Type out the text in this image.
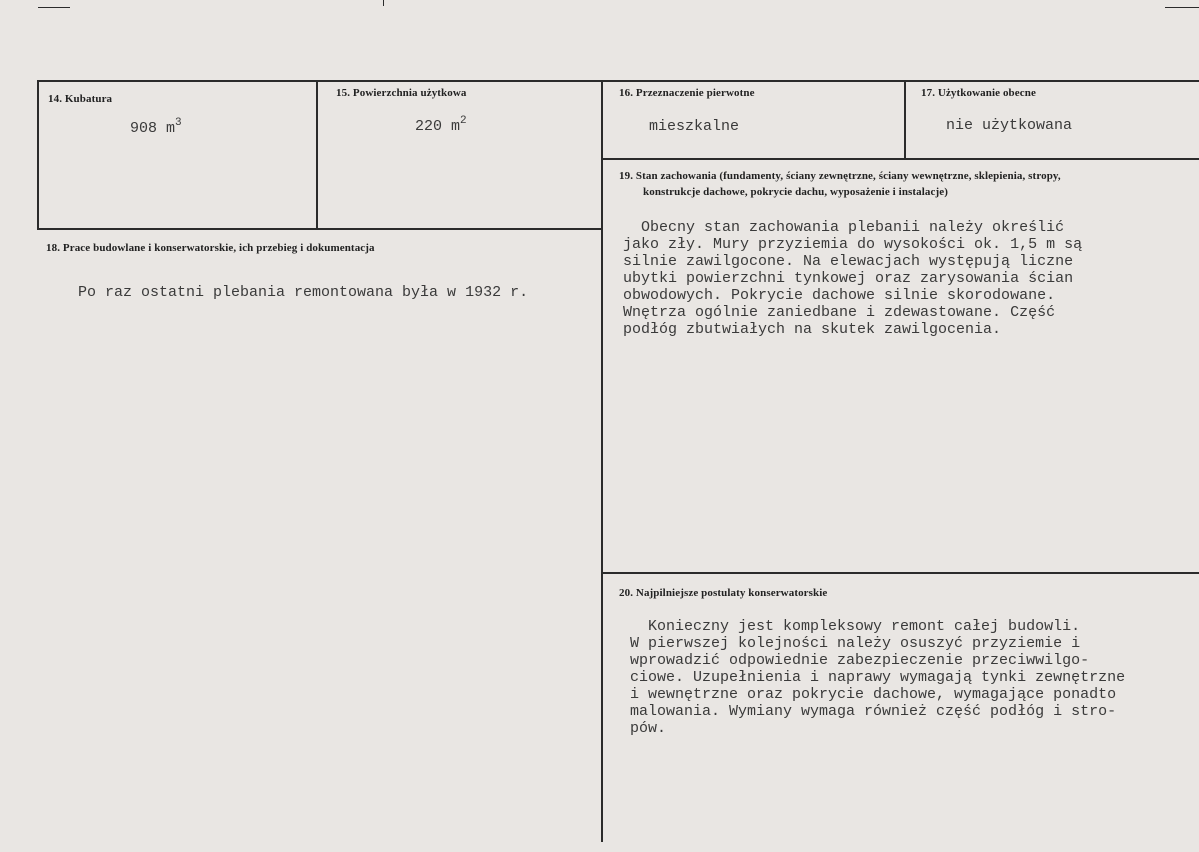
14. Kubatura
908 $m^3$
15. Powierzchnia użytkowa
220 $m^2$
16. Przeznaczenie pierwotne
mieszkalne
17. Użytkowanie obecne
nie użytkowana
18. Prace budowlane i konserwatorskie, ich przebieg i dokumentacja
Po raz ostatni plebania remontowana była w 1932 r.
19. Stan zachowania (fundamenty, ściany zewnętrzne, ściany wewnętrzne, sklepienia, stropy,
konstrukcje dachowe, pokrycie dachu, wyposażenie i instalacje)
Obecny stan zachowania plebanii należy określić
jako zły. Mury przyziemia do wysokości ok. 1,5 m są
silnie zawilgocone. Na elewacjach występują liczne
ubytki powierzchni tynkowej oraz zarysowania ścian
obwodowych. Pokrycie dachowe silnie skorodowane.
Wnętrza ogólnie zaniedbane i zdewastowane. Część
podłóg zbutwiałych na skutek zawilgocenia.
20. Najpilniejsze postulaty konserwatorskie
Konieczny jest kompleksowy remont całej budowli.
W pierwszej kolejności należy osuszyć przyziemie i
wprowadzić odpowiednie zabezpieczenie przeciwwilgo-
ciowe. Uzupełnienia i naprawy wymagają tynki zewnętrzne
i wewnętrzne oraz pokrycie dachowe, wymagające ponadto
malowania. Wymiany wymaga również część podłóg i stro-
pów.
